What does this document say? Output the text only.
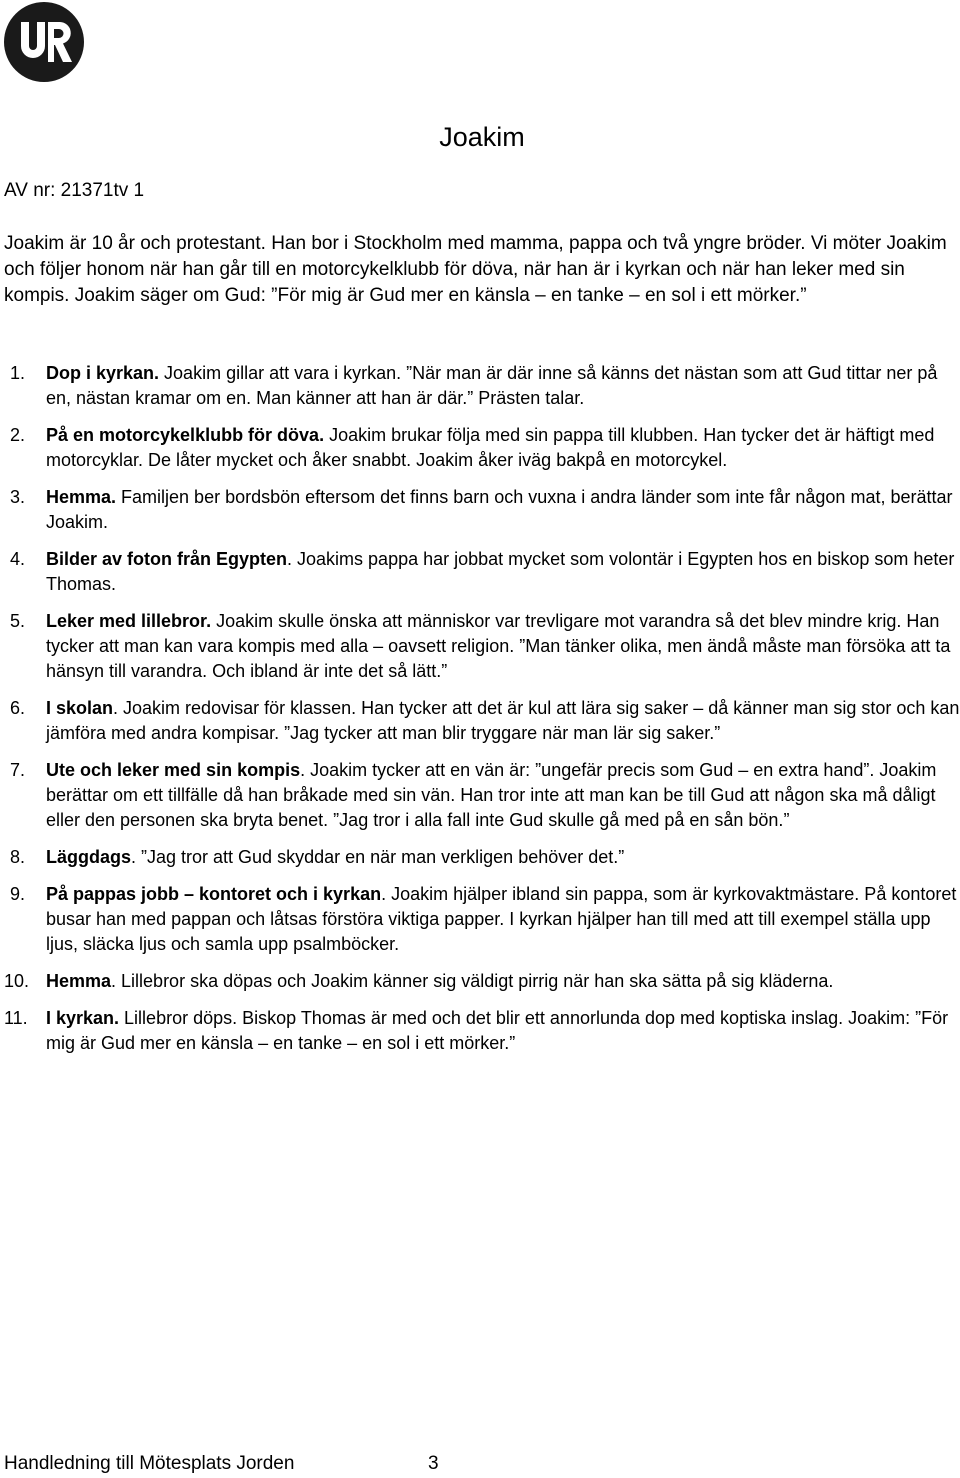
Joakim
AV nr: 21371tv 1

Joakim är 10 år och protestant. Han bor i Stockholm med mamma, pappa och två yngre bröder. Vi möter Joakim och följer honom när han går till en motorcykelklubb för döva, när han är i kyrkan och när han leker med sin kompis. Joakim säger om Gud: ”För mig är Gud mer en känsla – en tanke – en sol i ett mörker.”

1. Dop i kyrkan. Joakim gillar att vara i kyrkan. ”När man är där inne så känns det nästan som att Gud tittar ner på en, nästan kramar om en. Man känner att han är där.” Prästen talar.
2. På en motorcykelklubb för döva. Joakim brukar följa med sin pappa till klubben. Han tycker det är häftigt med motorcyklar. De låter mycket och åker snabbt. Joakim åker iväg bakpå en motorcykel.
3. Hemma. Familjen ber bordsbön eftersom det finns barn och vuxna i andra länder som inte får någon mat, berättar Joakim.
4. Bilder av foton från Egypten. Joakims pappa har jobbat mycket som volontär i Egypten hos en biskop som heter Thomas.
5. Leker med lillebror. Joakim skulle önska att människor var trevligare mot varandra så det blev mindre krig. Han tycker att man kan vara kompis med alla – oavsett religion. ”Man tänker olika, men ändå måste man försöka att ta hänsyn till varandra. Och ibland är inte det så lätt.”
6. I skolan. Joakim redovisar för klassen. Han tycker att det är kul att lära sig saker – då känner man sig stor och kan jämföra med andra kompisar. ”Jag tycker att man blir tryggare när man lär sig saker.”
7. Ute och leker med sin kompis. Joakim tycker att en vän är: ”ungefär precis som Gud – en extra hand”. Joakim berättar om ett tillfälle då han bråkade med sin vän. Han tror inte att man kan be till Gud att någon ska må dåligt eller den personen ska bryta benet. ”Jag tror i alla fall inte Gud skulle gå med på en sån bön.”
8. Läggdags. ”Jag tror att Gud skyddar en när man verkligen behöver det.”
9. På pappas jobb – kontoret och i kyrkan. Joakim hjälper ibland sin pappa, som är kyrkovaktmästare. På kontoret busar han med pappan och låtsas förstöra viktiga papper. I kyrkan hjälper han till med att till exempel ställa upp ljus, släcka ljus och samla upp psalmböcker.
10. Hemma. Lillebror ska döpas och Joakim känner sig väldigt pirrig när han ska sätta på sig kläderna.
11. I kyrkan. Lillebror döps. Biskop Thomas är med och det blir ett annorlunda dop med koptiska inslag. Joakim: ”För mig är Gud mer en känsla – en tanke – en sol i ett mörker.”
Handledning till Mötesplats Jorden	3
